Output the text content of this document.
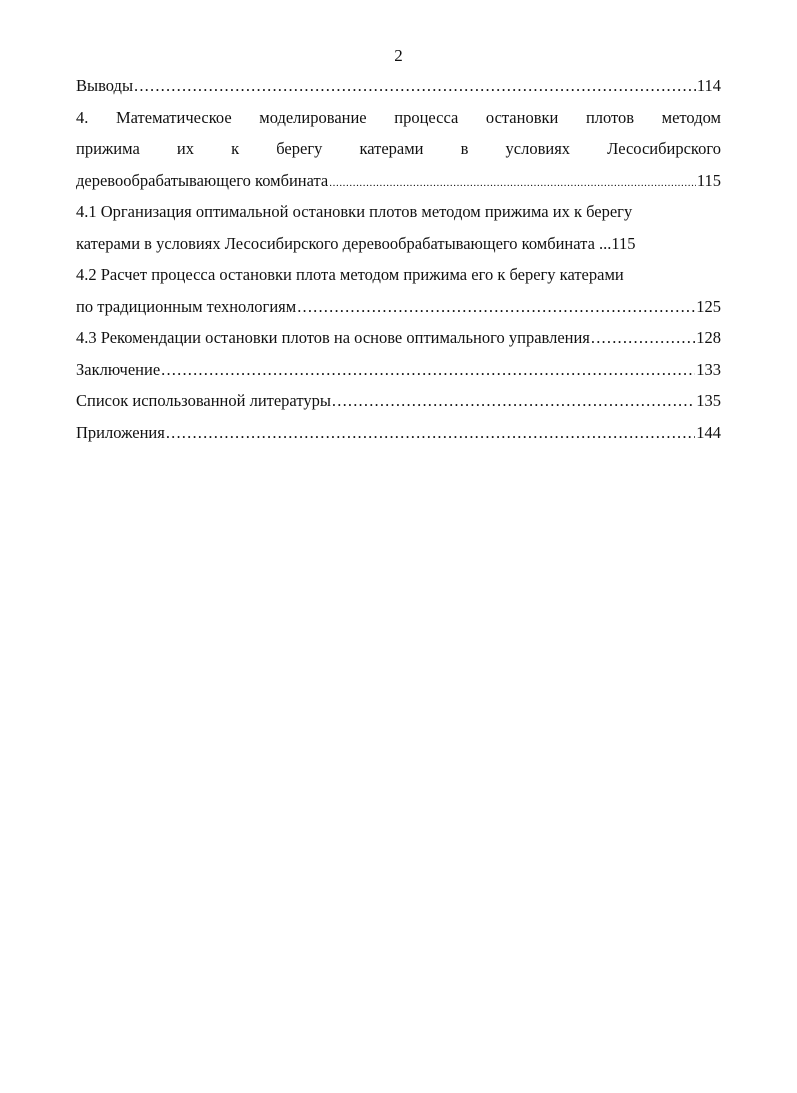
2
Выводы .....	114
4. Математическое моделирование процесса остановки плотов методом
прижима их к берегу катерами в условиях Лесосибирского
деревообрабатывающего комбината .....	115
4.1 Организация оптимальной остановки плотов методом прижима их к берегу
катерами в условиях Лесосибирского деревообрабатывающего комбината ... 115
4.2 Расчет процесса остановки плота методом прижима его к берегу катерами
по традиционным технологиям .....	125
4.3 Рекомендации остановки плотов на основе оптимального управления .....	128
Заключение .....	133
Список использованной литературы .....	135
Приложения .....	144
